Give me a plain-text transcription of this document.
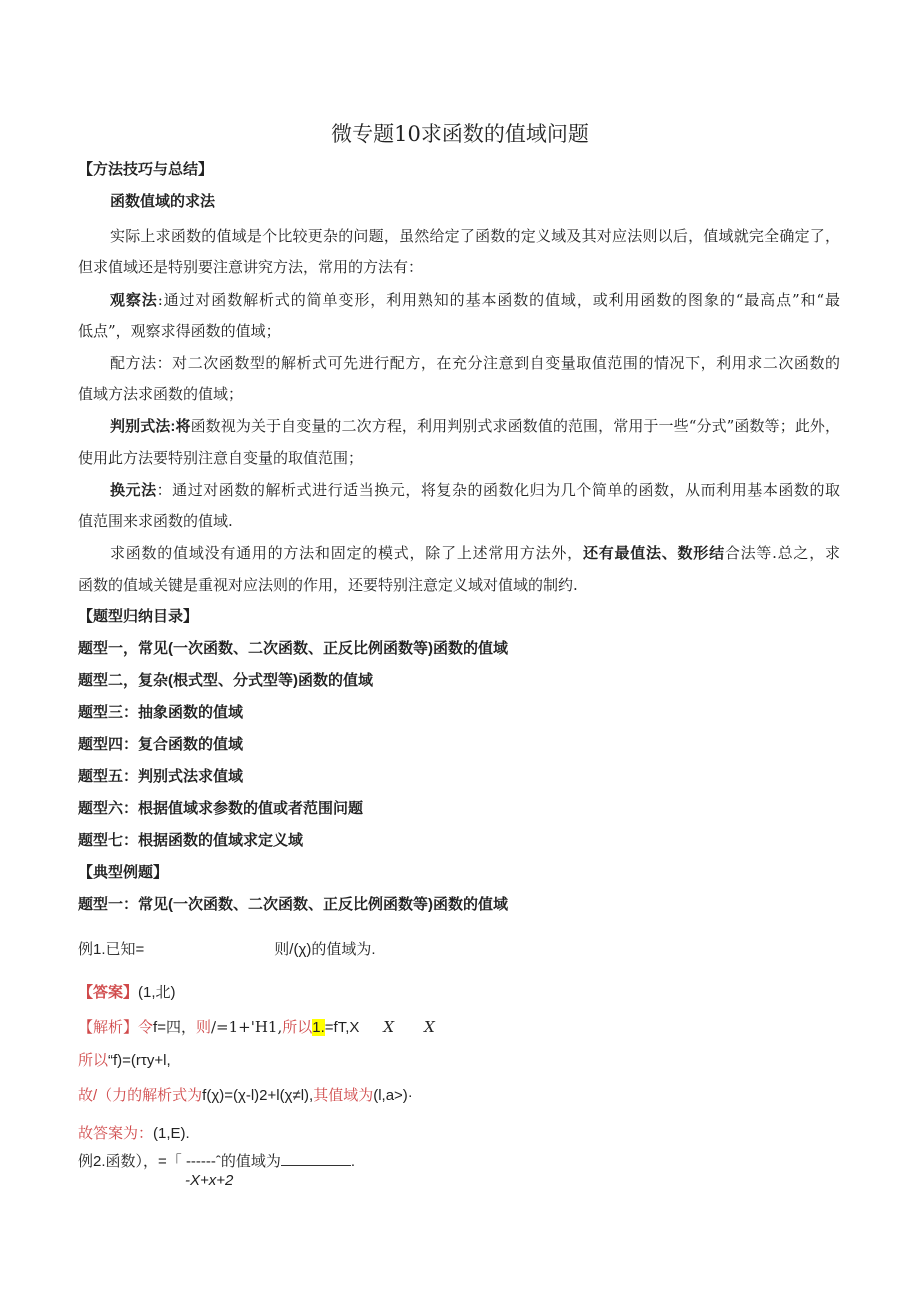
微专题10求函数的值域问题
【方法技巧与总结】
函数值域的求法
实际上求函数的值域是个比较更杂的问题，虽然给定了函数的定义域及其对应法则以后，值域就完全确定了，
但求值域还是特别要注意讲究方法，常用的方法有：
观察法:通过对函数解析式的简单变形，利用熟知的基本函数的值域，或利用函数的图象的“最高点”和“最
低点”，观察求得函数的值域；
配方法：对二次函数型的解析式可先进行配方，在充分注意到自变量取值范围的情况下，利用求二次函数的
值域方法求函数的值域；
判别式法:将函数视为关于自变量的二次方程，利用判别式求函数值的范围，常用于一些“分式”函数等；此外，
使用此方法要特别注意自变量的取值范围；
换元法：通过对函数的解析式进行适当换元，将复杂的函数化归为几个简单的函数，从而利用基本函数的取
值范围来求函数的值域.
求函数的值域没有通用的方法和固定的模式，除了上述常用方法外，还有最值法、数形结合法等.总之，求
函数的值域关键是重视对应法则的作用，还要特别注意定义域对值域的制约.
【题型归纳目录】
题型一，常见(一次函数、二次函数、正反比例函数等)函数的值域
题型二，复杂(根式型、分式型等)函数的值域
题型三：抽象函数的值域
题型四：复合函数的值域
题型五：判别式法求值域
题型六：根据值域求参数的值或者范围问题
题型七：根据函数的值域求定义域
【典型例题】
题型一：常见(一次函数、二次函数、正反比例函数等)函数的值域
例1.已知=	则/(χ)的值域为.
【答案】(1,北)
【解析】令f=四，则∕=1+'H1,所以1.=fT,X X X
所以“f)=(rτy+l,
故/（力的解析式为f(χ)=(χ-l)2+l(χ≠l),其值域为(l,a>)·
故答案为：(1,E).
例2.函数），=「 ------ˆ的值域为	.
-X+x+2
